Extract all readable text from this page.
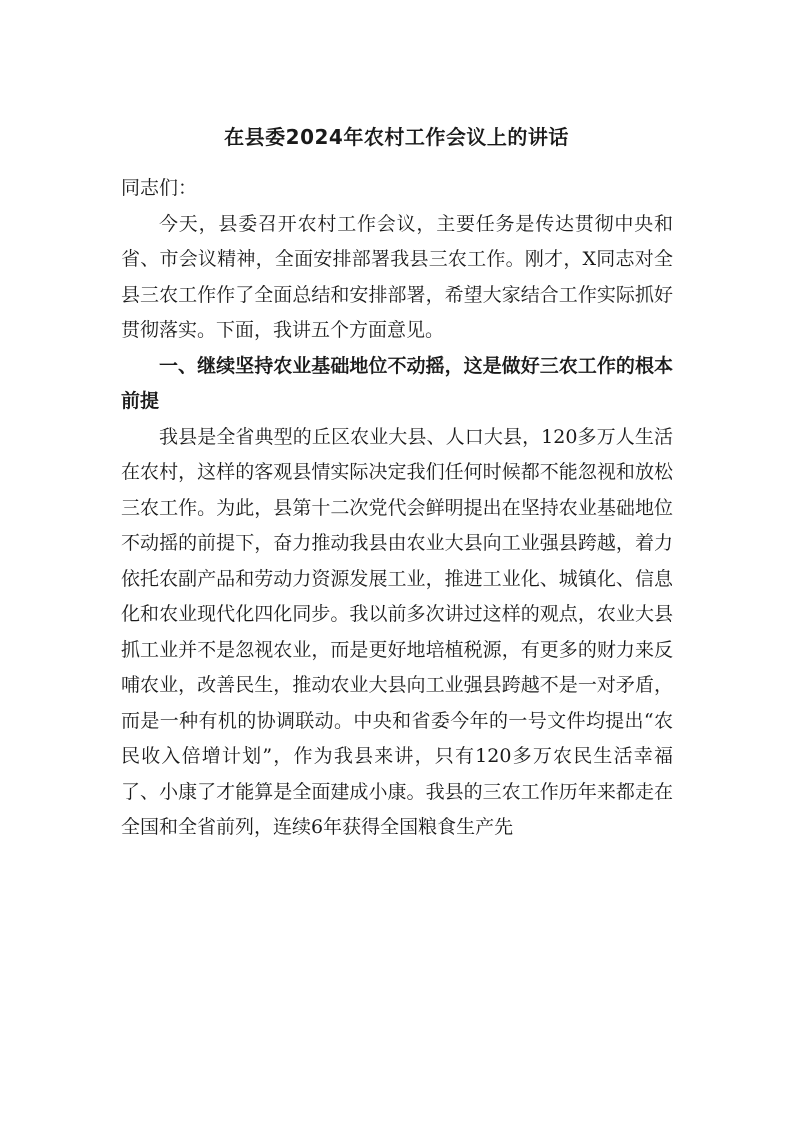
在县委2024年农村工作会议上的讲话

同志们：

今天，县委召开农村工作会议，主要任务是传达贯彻中央和省、市会议精神，全面安排部署我县三农工作。刚才，X同志对全县三农工作作了全面总结和安排部署，希望大家结合工作实际抓好贯彻落实。下面，我讲五个方面意见。

一、继续坚持农业基础地位不动摇，这是做好三农工作的根本前提

我县是全省典型的丘区农业大县、人口大县，120多万人生活在农村，这样的客观县情实际决定我们任何时候都不能忽视和放松三农工作。为此，县第十二次党代会鲜明提出在坚持农业基础地位不动摇的前提下，奋力推动我县由农业大县向工业强县跨越，着力依托农副产品和劳动力资源发展工业，推进工业化、城镇化、信息化和农业现代化四化同步。我以前多次讲过这样的观点，农业大县抓工业并不是忽视农业，而是更好地培植税源，有更多的财力来反哺农业，改善民生，推动农业大县向工业强县跨越不是一对矛盾，而是一种有机的协调联动。中央和省委今年的一号文件均提出“农民收入倍增计划”，作为我县来讲，只有120多万农民生活幸福了、小康了才能算是全面建成小康。我县的三农工作历年来都走在全国和全省前列，连续6年获得全国粮食生产先
